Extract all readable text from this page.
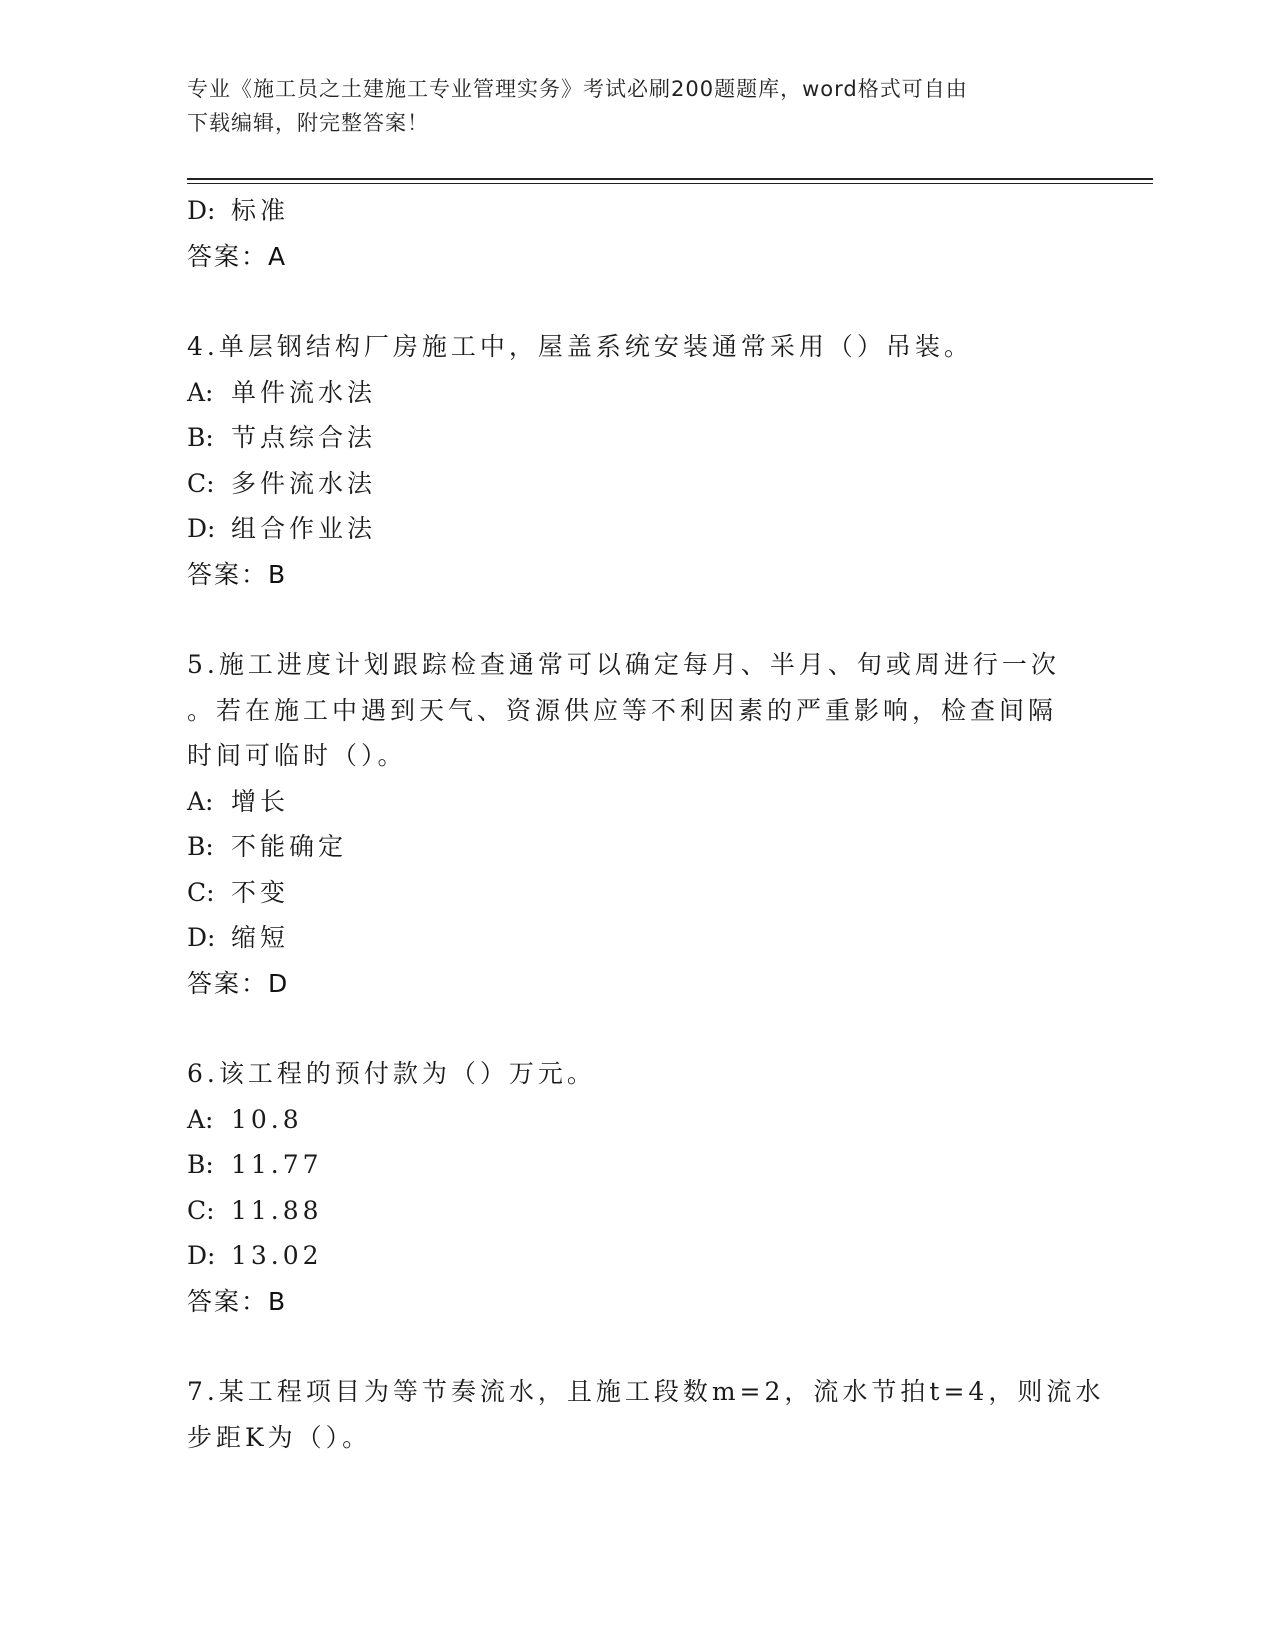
专业《施工员之土建施工专业管理实务》考试必刷200题题库，word格式可自由
下载编辑，附完整答案！
D: 标准
答案：A
4.单层钢结构厂房施工中，屋盖系统安装通常采用（）吊装。
A: 单件流水法
B: 节点综合法
C: 多件流水法
D: 组合作业法
答案：B
5.施工进度计划跟踪检查通常可以确定每月、半月、旬或周进行一次
。若在施工中遇到天气、资源供应等不利因素的严重影响，检查间隔
时间可临时（）。
A: 增长
B: 不能确定
C: 不变
D: 缩短
答案：D
6.该工程的预付款为（）万元。
A: 10.8
B: 11.77
C: 11.88
D: 13.02
答案：B
7.某工程项目为等节奏流水，且施工段数m=2，流水节拍t=4，则流水
步距K为（）。
